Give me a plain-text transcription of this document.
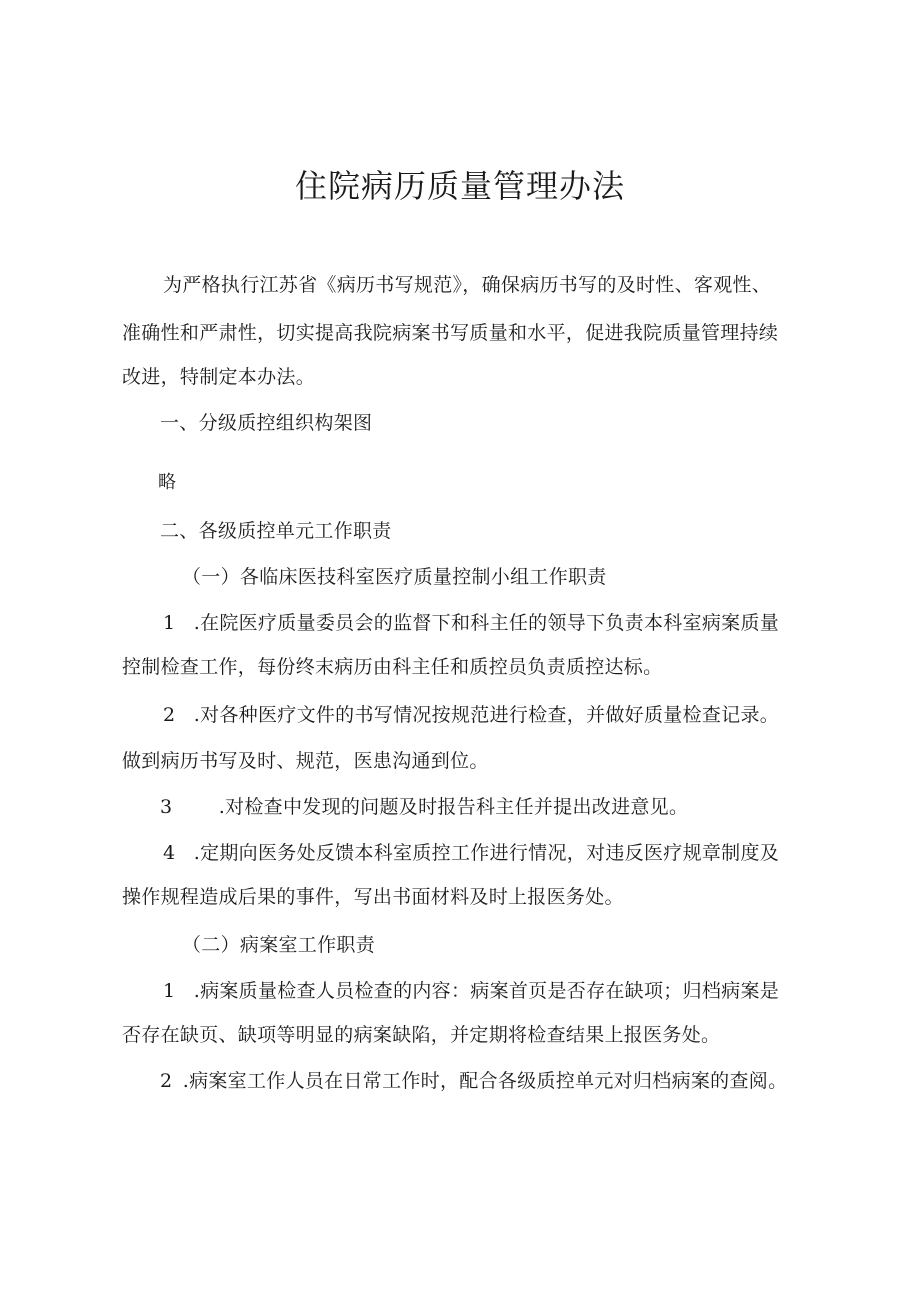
住院病历质量管理办法
为严格执行江苏省《病历书写规范》，确保病历书写的及时性、客观性、
准确性和严肃性，切实提高我院病案书写质量和水平，促进我院质量管理持续
改进，特制定本办法。
一、分级质控组织构架图
略
二、各级质控单元工作职责
（一）各临床医技科室医疗质量控制小组工作职责
1 .在院医疗质量委员会的监督下和科主任的领导下负责本科室病案质量
控制检查工作，每份终末病历由科主任和质控员负责质控达标。
2 .对各种医疗文件的书写情况按规范进行检查，并做好质量检查记录。
做到病历书写及时、规范，医患沟通到位。
3 .对检查中发现的问题及时报告科主任并提出改进意见。
4 .定期向医务处反馈本科室质控工作进行情况，对违反医疗规章制度及
操作规程造成后果的事件，写出书面材料及时上报医务处。
（二）病案室工作职责
1 .病案质量检查人员检查的内容：病案首页是否存在缺项；归档病案是
否存在缺页、缺项等明显的病案缺陷，并定期将检查结果上报医务处。
2 .病案室工作人员在日常工作时，配合各级质控单元对归档病案的查阅。
